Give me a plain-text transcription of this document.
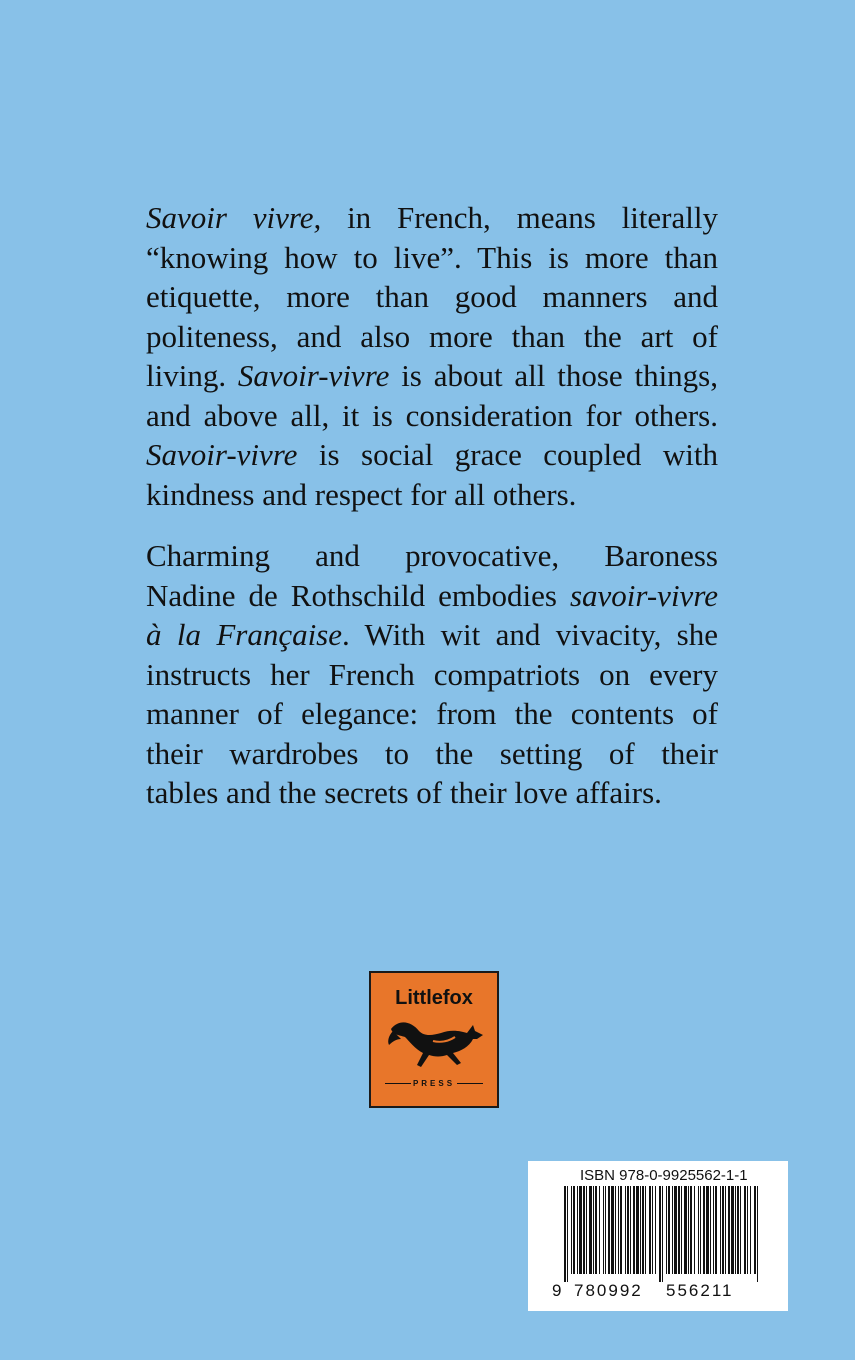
Savoir vivre, in French, means literally
“knowing how to live”. This is more than
etiquette, more than good manners and
politeness, and also more than the art of
living. Savoir-vivre is about all those things,
and above all, it is consideration for others.
Savoir-vivre is social grace coupled with
kindness and respect for all others.
Charming and provocative, Baroness
Nadine de Rothschild embodies savoir-vivre
à la Française. With wit and vivacity, she
instructs her French compatriots on every
manner of elegance: from the contents of
their wardrobes to the setting of their
tables and the secrets of their love affairs.
Littlefox
PRESS
ISBN 978-0-9925562-1-1
9 780992 556211
